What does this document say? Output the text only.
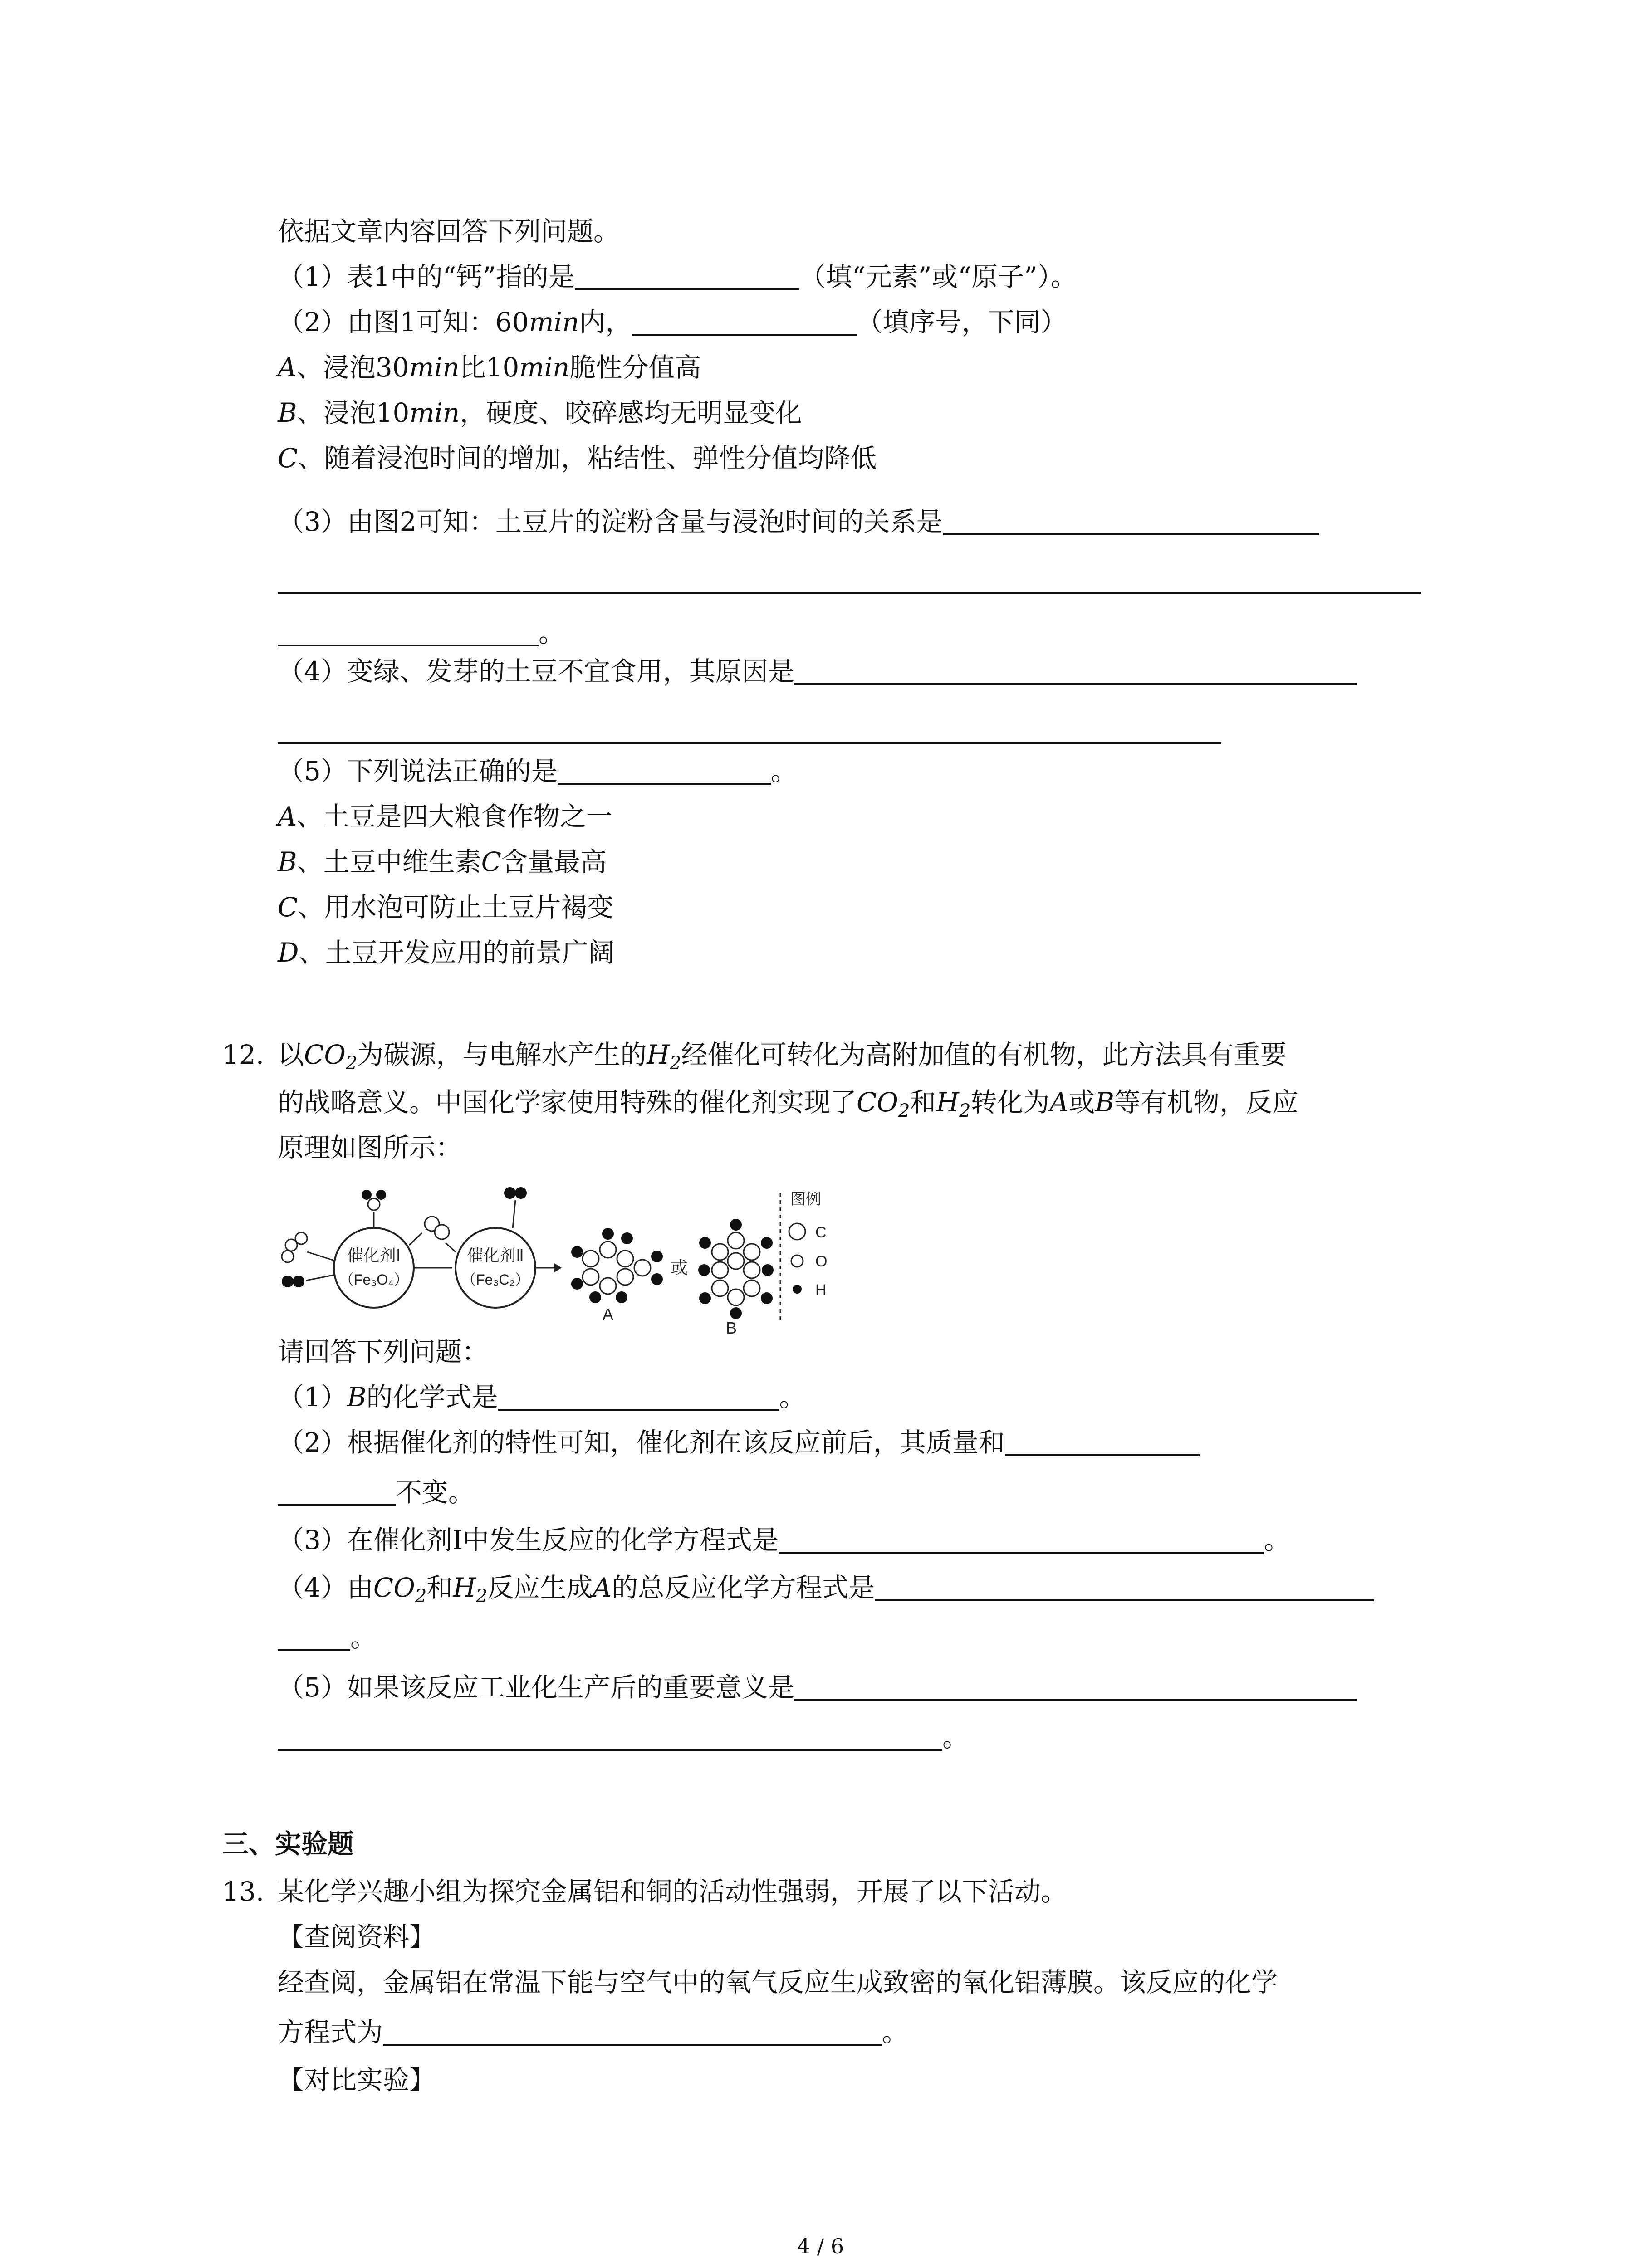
依据文章内容回答下列问题。
（1）表1中的“钙”指的是	（填“元素”或“原子”）。
（2）由图1可知：60min内，	（填序号，下同）
A、浸泡30min比10min脆性分值高
B、浸泡10min，硬度、咬碎感均无明显变化
C、随着浸泡时间的增加，粘结性、弹性分值均降低
（3）由图2可知：土豆片的淀粉含量与浸泡时间的关系是
。
（4）变绿、发芽的土豆不宜食用，其原因是
（5）下列说法正确的是	。
A、土豆是四大粮食作物之一
B、土豆中维生素C含量最高
C、用水泡可防止土豆片褐变
D、土豆开发应用的前景广阔
12. 以$CO_2$为碳源，与电解水产生的$H_2$经催化可转化为高附加值的有机物，此方法具有重要
的战略意义。中国化学家使用特殊的催化剂实现了$CO_2$和$H_2$转化为A或B等有机物，反应
原理如图所示：
催化剂Ⅰ
（Fe₃O₄）
催化剂Ⅱ
（Fe₃C₂）
A
或
B
图例
C
O
H
请回答下列问题：
（1）B的化学式是	。
（2）根据催化剂的特性可知，催化剂在该反应前后，其质量和
不变。
（3）在催化剂Ⅰ中发生反应的化学方程式是	。
（4）由$CO_2$和$H_2$反应生成A的总反应化学方程式是
。
（5）如果该反应工业化生产后的重要意义是
。
三、实验题
13. 某化学兴趣小组为探究金属铝和铜的活动性强弱，开展了以下活动。
【查阅资料】
经查阅，金属铝在常温下能与空气中的氧气反应生成致密的氧化铝薄膜。该反应的化学
方程式为	。
【对比实验】
4 / 6
